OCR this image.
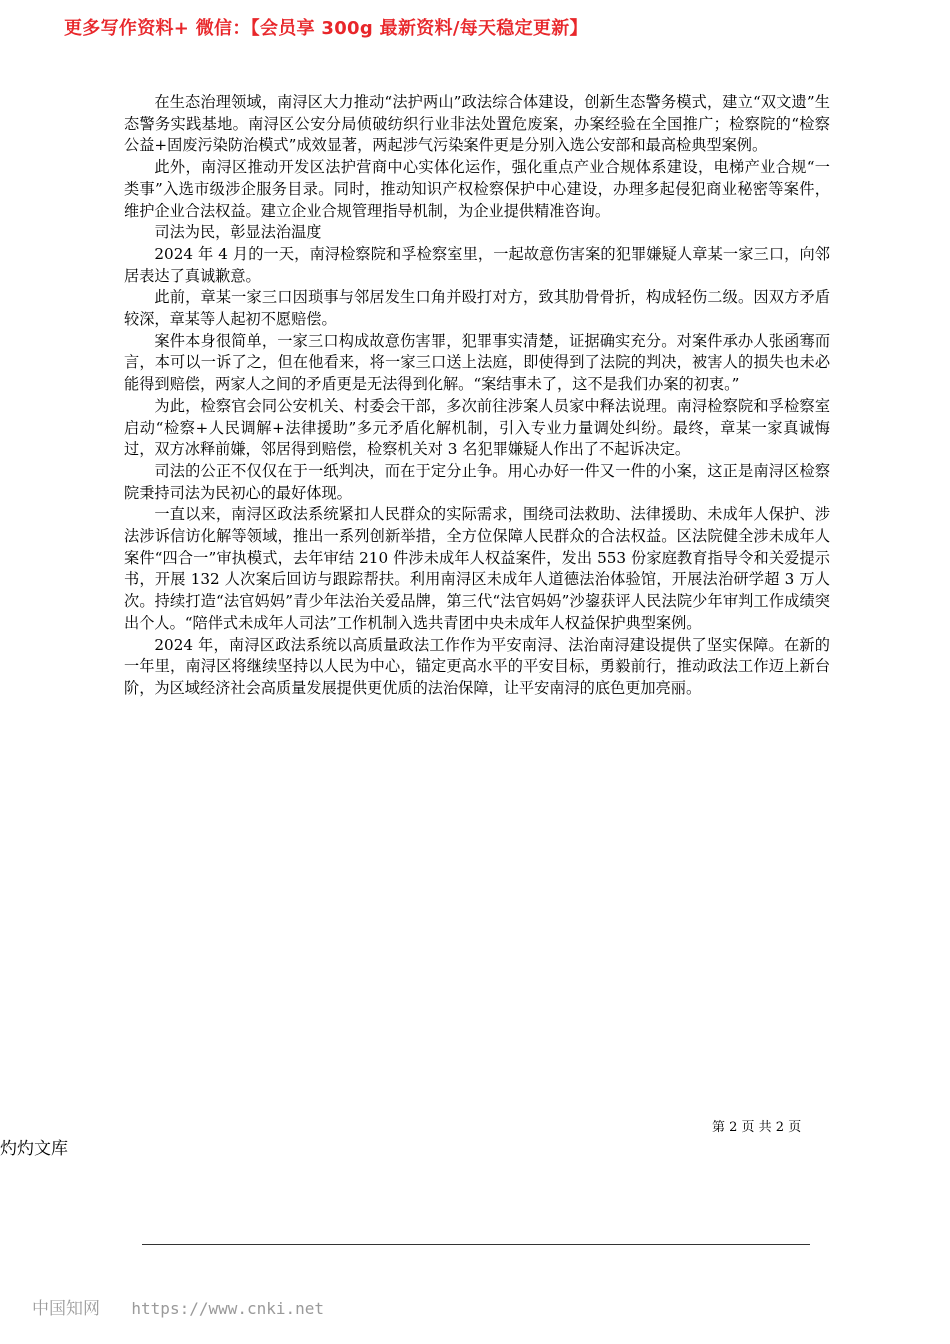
更多写作资料+ 微信：【会员享 300g 最新资料/每天稳定更新】

在生态治理领域，南浔区大力推动“法护两山”政法综合体建设，创新生态警务模式，建立“双文遗”生态警务实践基地。南浔区公安分局侦破纺织行业非法处置危废案，办案经验在全国推广；检察院的“检察公益+固废污染防治模式”成效显著，两起涉气污染案件更是分别入选公安部和最高检典型案例。

此外，南浔区推动开发区法护营商中心实体化运作，强化重点产业合规体系建设，电梯产业合规“一类事”入选市级涉企服务目录。同时，推动知识产权检察保护中心建设，办理多起侵犯商业秘密等案件，维护企业合法权益。建立企业合规管理指导机制，为企业提供精准咨询。

司法为民，彰显法治温度

2024 年 4 月的一天，南浔检察院和孚检察室里，一起故意伤害案的犯罪嫌疑人章某一家三口，向邻居表达了真诚歉意。

此前，章某一家三口因琐事与邻居发生口角并殴打对方，致其肋骨骨折，构成轻伤二级。因双方矛盾较深，章某等人起初不愿赔偿。

案件本身很简单，一家三口构成故意伤害罪，犯罪事实清楚，证据确实充分。对案件承办人张函骞而言，本可以一诉了之，但在他看来，将一家三口送上法庭，即使得到了法院的判决，被害人的损失也未必能得到赔偿，两家人之间的矛盾更是无法得到化解。“案结事未了，这不是我们办案的初衷。”

为此，检察官会同公安机关、村委会干部，多次前往涉案人员家中释法说理。南浔检察院和孚检察室启动“检察+人民调解+法律援助”多元矛盾化解机制，引入专业力量调处纠纷。最终，章某一家真诚悔过，双方冰释前嫌，邻居得到赔偿，检察机关对 3 名犯罪嫌疑人作出了不起诉决定。

司法的公正不仅仅在于一纸判决，而在于定分止争。用心办好一件又一件的小案，这正是南浔区检察院秉持司法为民初心的最好体现。

一直以来，南浔区政法系统紧扣人民群众的实际需求，围绕司法救助、法律援助、未成年人保护、涉法涉诉信访化解等领域，推出一系列创新举措，全方位保障人民群众的合法权益。区法院健全涉未成年人案件“四合一”审执模式，去年审结 210 件涉未成年人权益案件，发出 553 份家庭教育指导令和关爱提示书，开展 132 人次案后回访与跟踪帮扶。利用南浔区未成年人道德法治体验馆，开展法治研学超 3 万人次。持续打造“法官妈妈”青少年法治关爱品牌，第三代“法官妈妈”沙鋆获评人民法院少年审判工作成绩突出个人。“陪伴式未成年人司法”工作机制入选共青团中央未成年人权益保护典型案例。

2024 年，南浔区政法系统以高质量政法工作作为平安南浔、法治南浔建设提供了坚实保障。在新的一年里，南浔区将继续坚持以人民为中心，锚定更高水平的平安目标，勇毅前行，推动政法工作迈上新台阶，为区域经济社会高质量发展提供更优质的法治保障，让平安南浔的底色更加亮丽。

第 2 页 共 2 页
灼灼文库
中国知网 https://www.cnki.net
